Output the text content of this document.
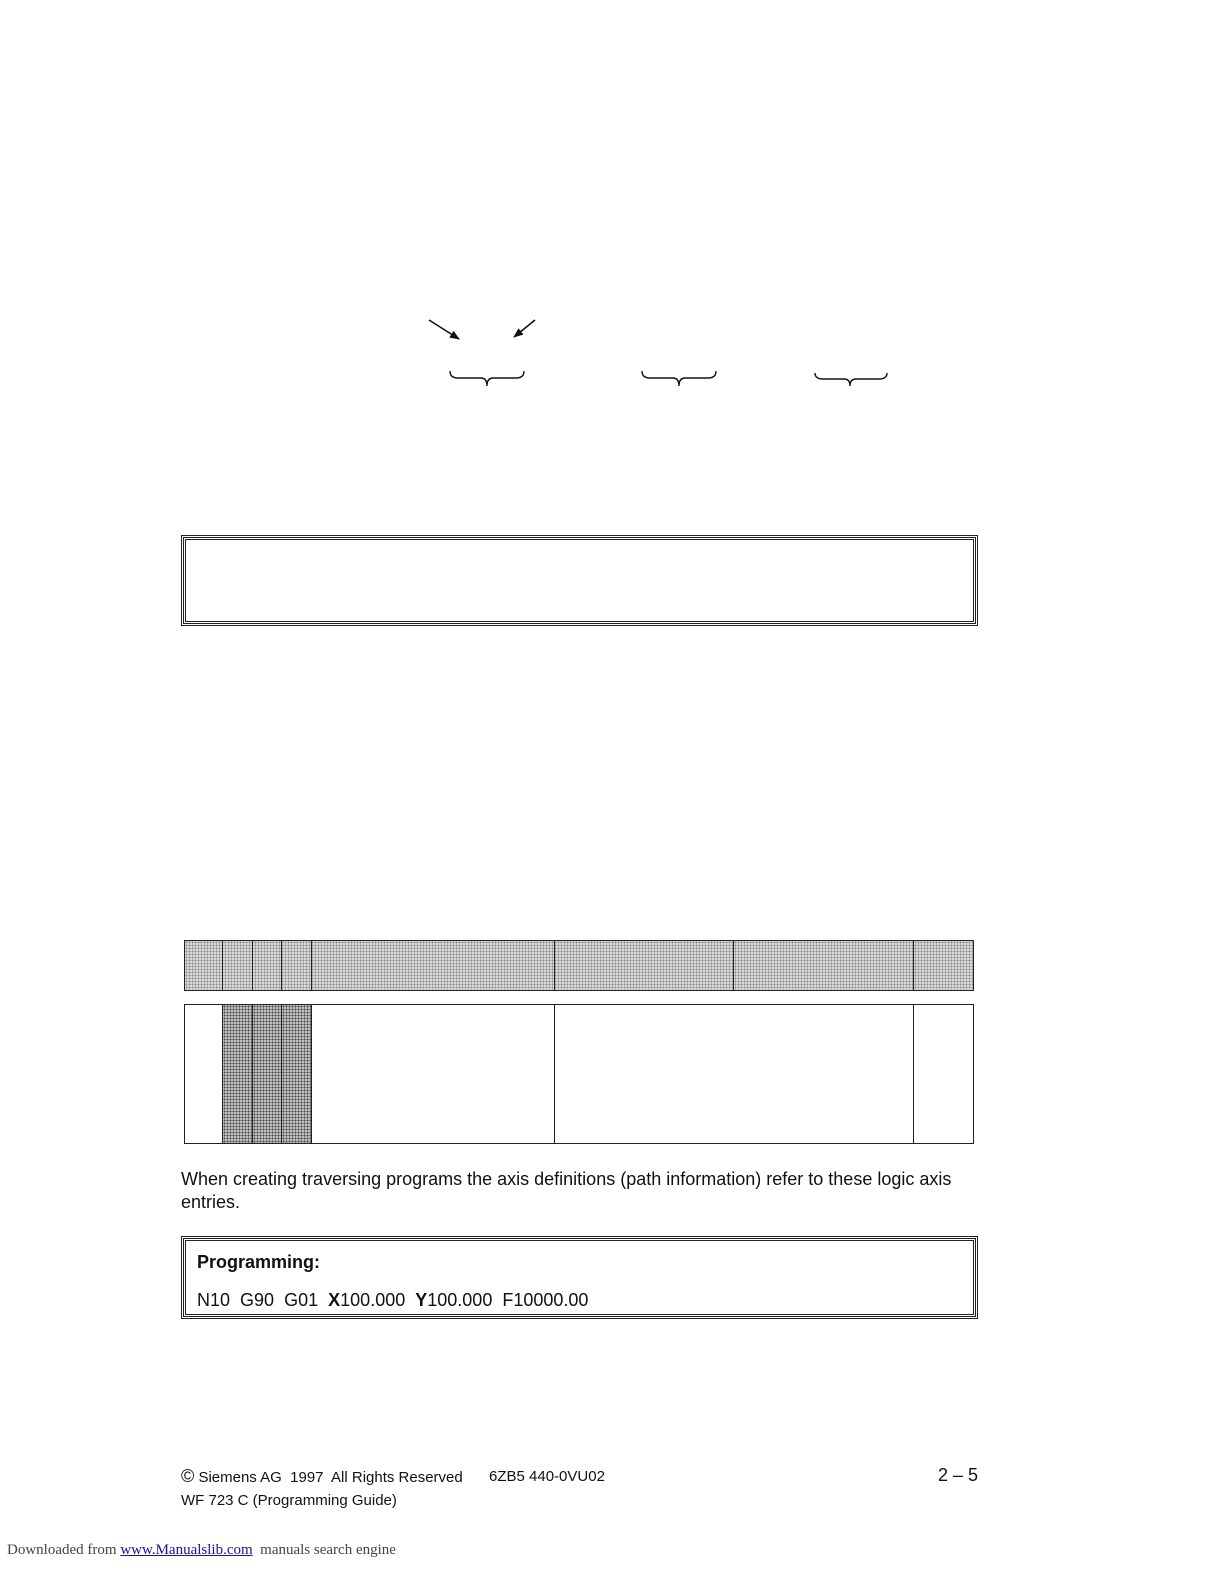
When creating traversing programs the axis definitions (path information) refer to these logic axis entries.
Programming:
N10 G90 G01 X100.000 Y100.000 F10000.00
© Siemens AG  1997  All Rights Reserved 6ZB5 440-0VU02	2 – 5
WF 723 C (Programming Guide)
Downloaded from www.Manualslib.com manuals search engine
